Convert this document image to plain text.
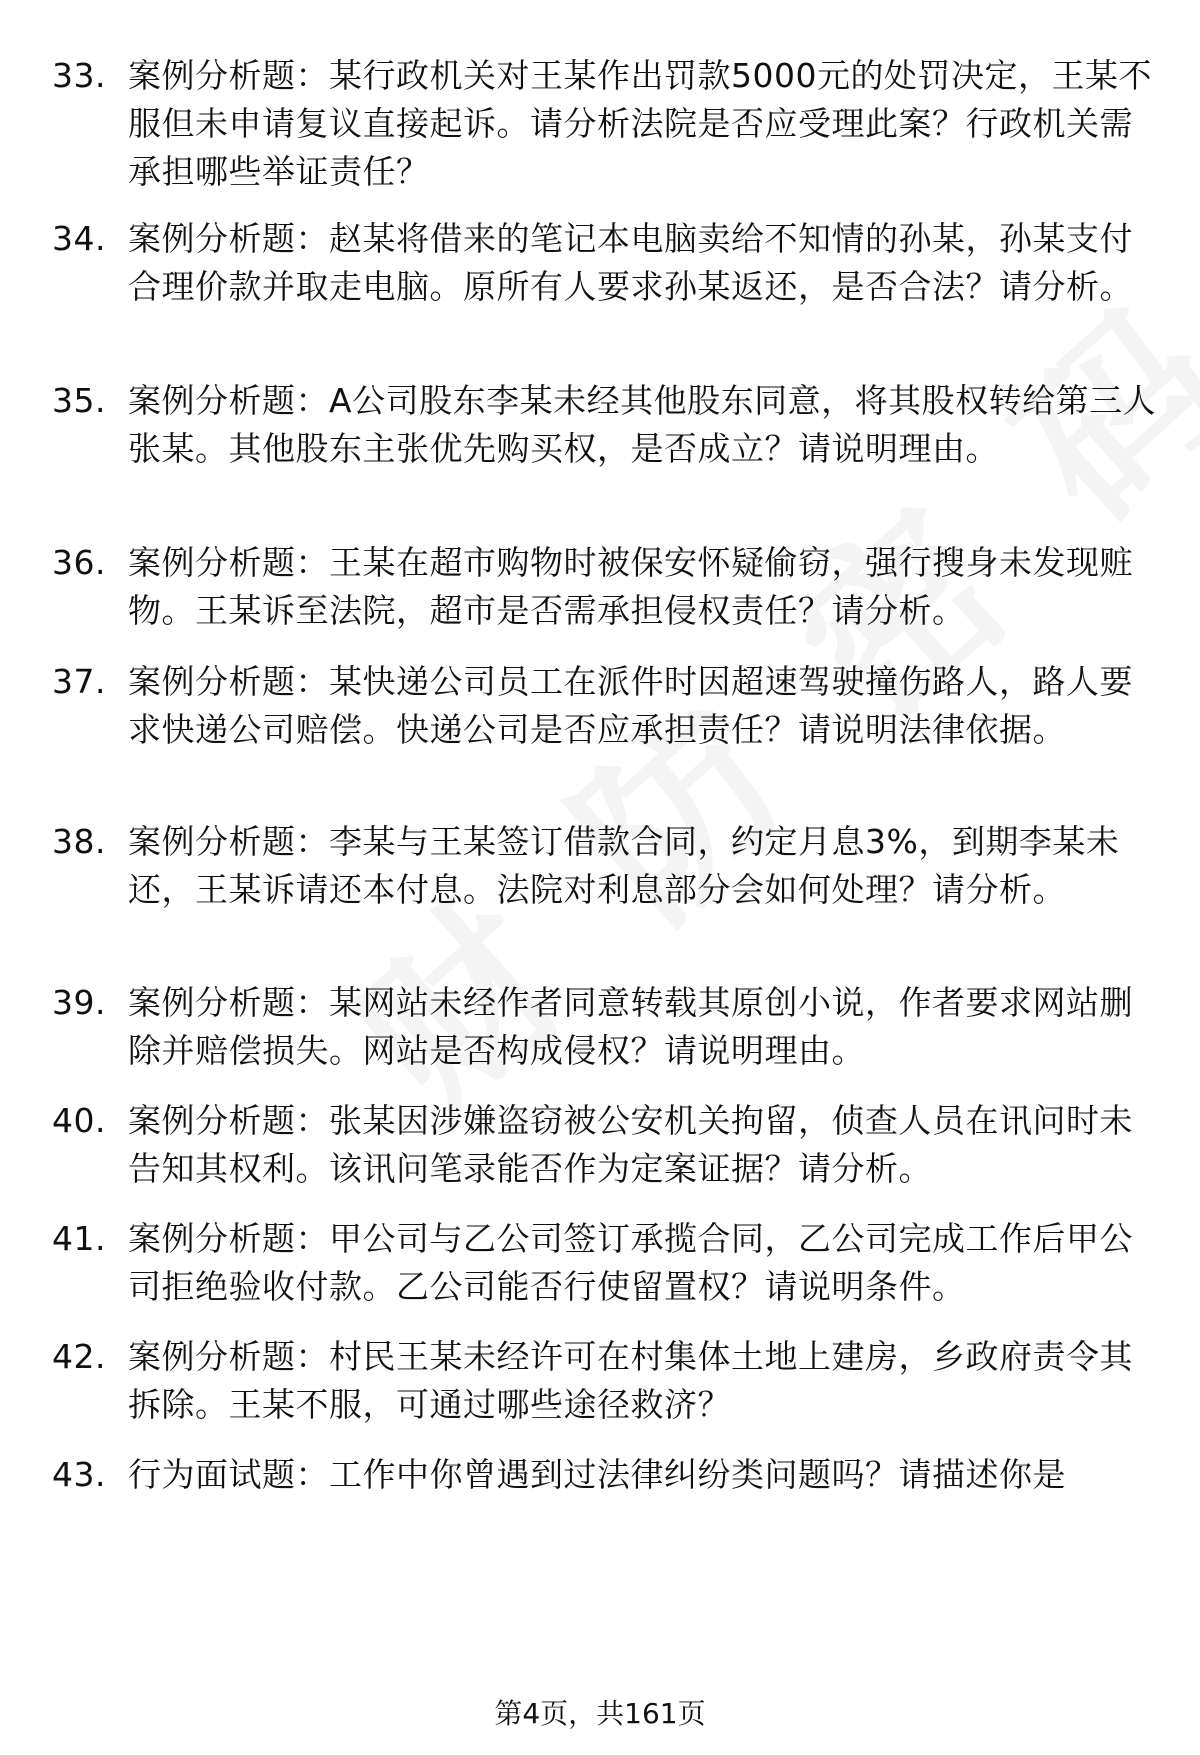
33. 案例分析题：某行政机关对王某作出罚款5000元的处罚决定，王某不服但未申请复议直接起诉。请分析法院是否应受理此案？行政机关需承担哪些举证责任？
34. 案例分析题：赵某将借来的笔记本电脑卖给不知情的孙某，孙某支付合理价款并取走电脑。原所有人要求孙某返还，是否合法？请分析。
35. 案例分析题：A公司股东李某未经其他股东同意，将其股权转给第三人张某。其他股东主张优先购买权，是否成立？请说明理由。
36. 案例分析题：王某在超市购物时被保安怀疑偷窃，强行搜身未发现赃物。王某诉至法院，超市是否需承担侵权责任？请分析。
37. 案例分析题：某快递公司员工在派件时因超速驾驶撞伤路人，路人要求快递公司赔偿。快递公司是否应承担责任？请说明法律依据。
38. 案例分析题：李某与王某签订借款合同，约定月息3%，到期李某未还，王某诉请还本付息。法院对利息部分会如何处理？请分析。
39. 案例分析题：某网站未经作者同意转载其原创小说，作者要求网站删除并赔偿损失。网站是否构成侵权？请说明理由。
40. 案例分析题：张某因涉嫌盗窃被公安机关拘留，侦查人员在讯问时未告知其权利。该讯问笔录能否作为定案证据？请分析。
41. 案例分析题：甲公司与乙公司签订承揽合同，乙公司完成工作后甲公司拒绝验收付款。乙公司能否行使留置权？请说明条件。
42. 案例分析题：村民王某未经许可在村集体土地上建房，乡政府责令其拆除。王某不服，可通过哪些途径救济？
43. 行为面试题：工作中你曾遇到过法律纠纷类问题吗？请描述你是
第4页，共161页
